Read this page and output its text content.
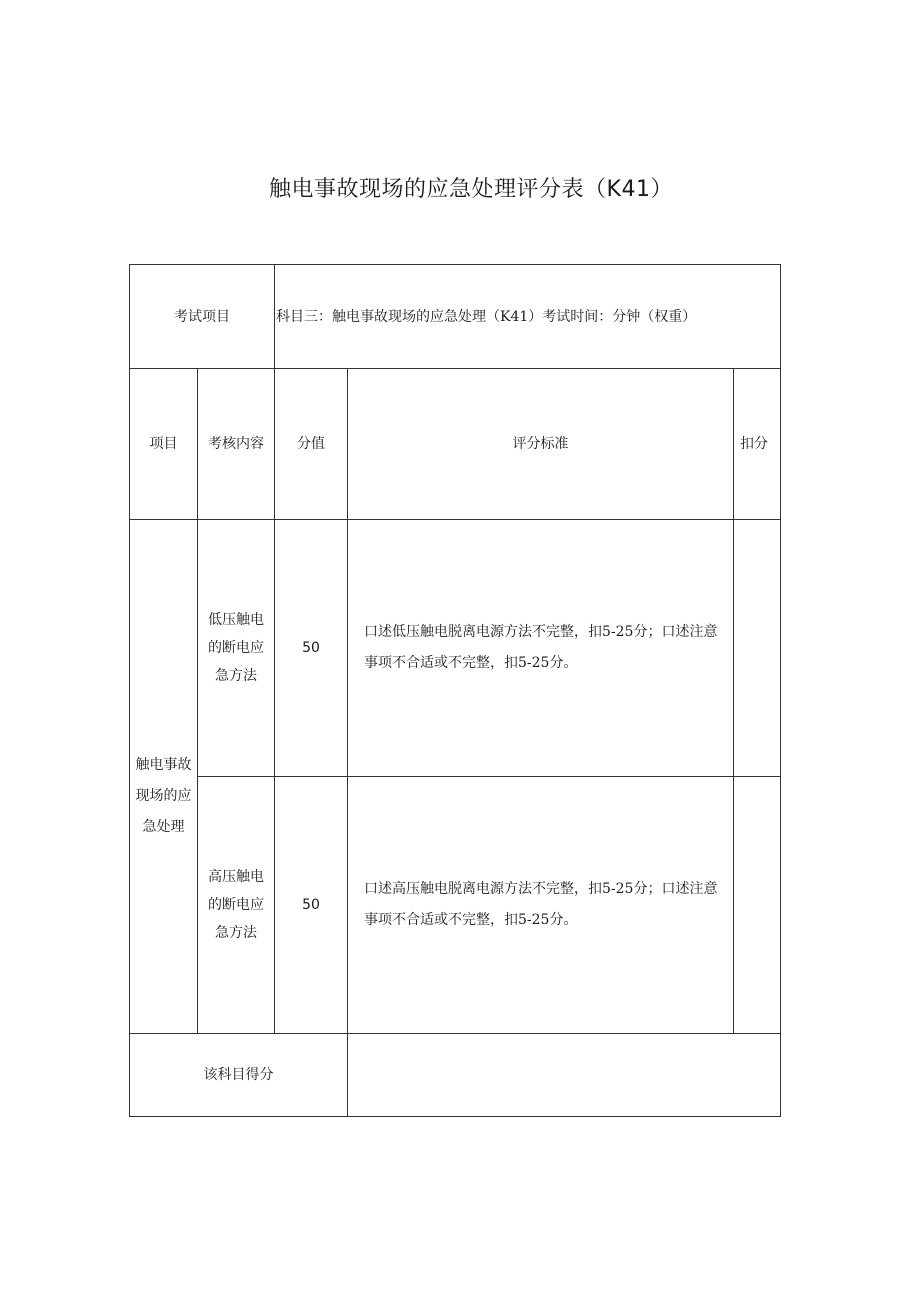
触电事故现场的应急处理评分表（K41）
考试项目		科目三：触电事故现场的应急处理（K41）考试时间：分钟（权重）		
项目	考核内容	分值	评分标准	扣分
触电事故现场的应急处理	低压触电的断电应急方法	50	口述低压触电脱离电源方法不完整，扣5-25分；口述注意事项不合适或不完整，扣5-25分。	
	高压触电的断电应急方法	50	口述高压触电脱离电源方法不完整，扣5-25分；口述注意事项不合适或不完整，扣5-25分。	
该科目得分				
